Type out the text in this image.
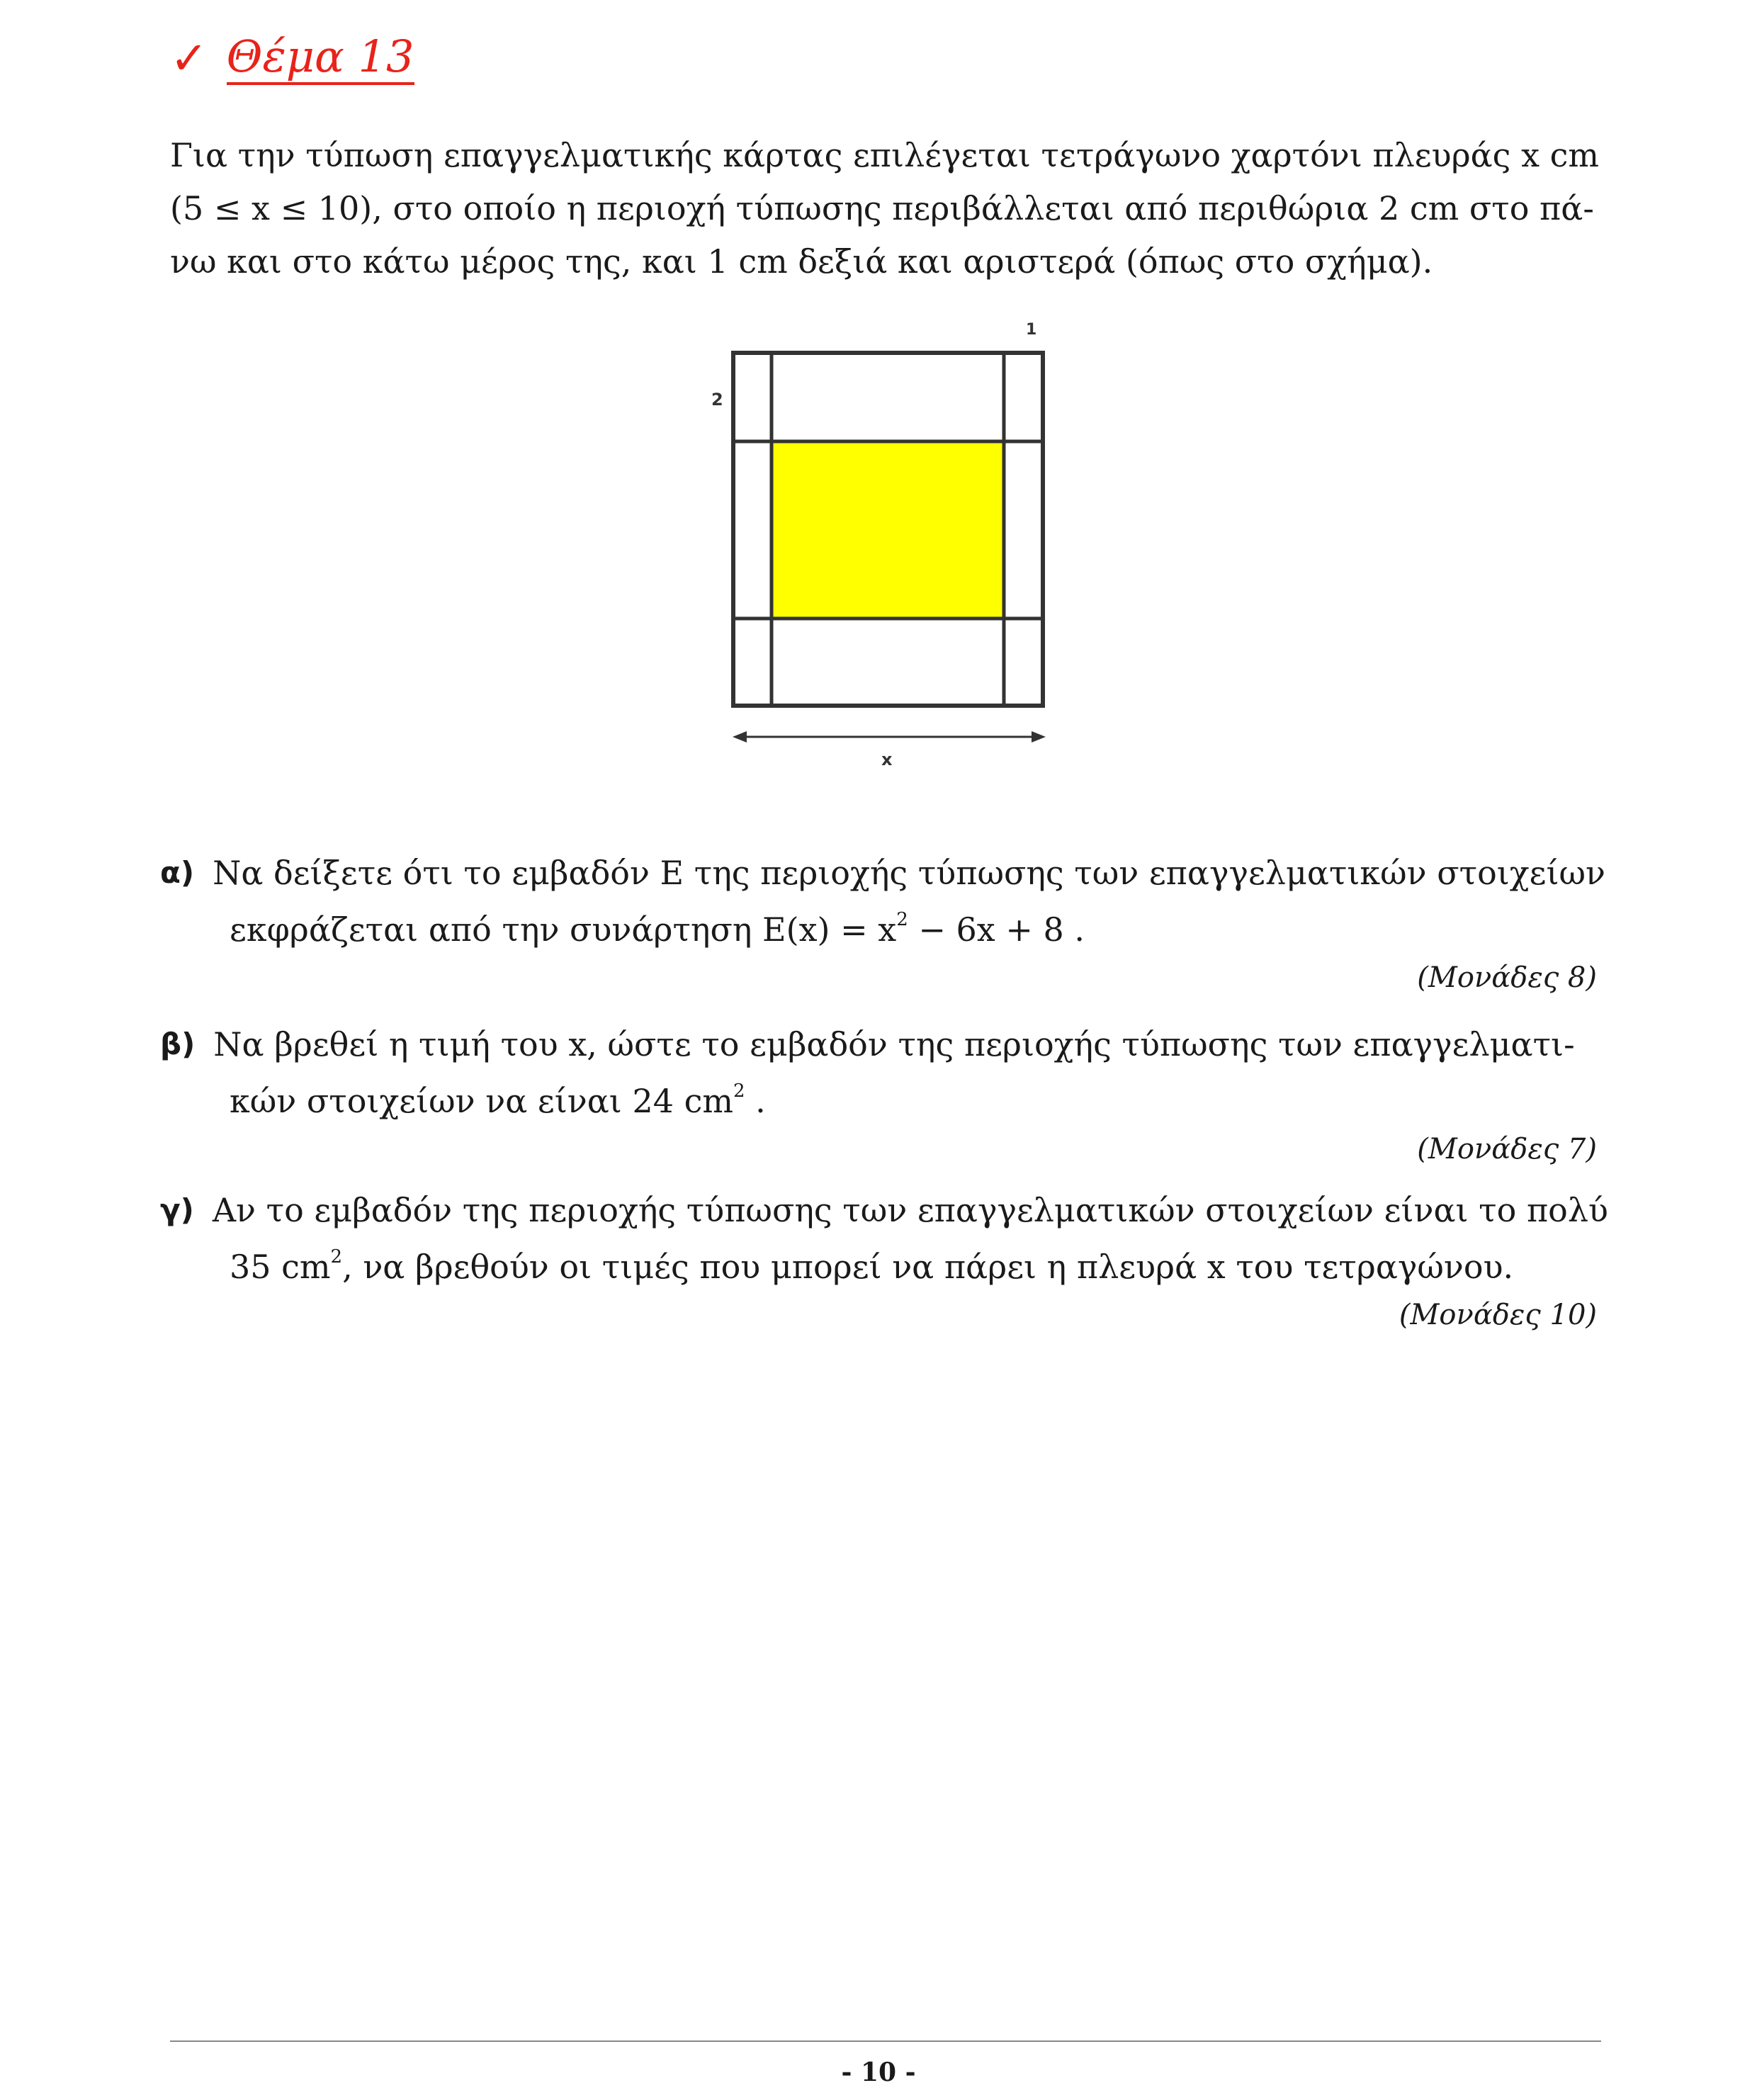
✓ Θέμα 13
Για την τύπωση επαγγελματικής κάρτας επιλέγεται τετράγωνο χαρτόνι πλευράς x cm
(5 ≤ x ≤ 10), στο οποίο η περιοχή τύπωσης περιβάλλεται από περιθώρια 2 cm στο πά-
νω και στο κάτω μέρος της, και 1 cm δεξιά και αριστερά (όπως στο σχήμα).
1
2
x
α) Να δείξετε ότι το εμβαδόν Ε της περιοχής τύπωσης των επαγγελματικών στοιχείων
εκφράζεται από την συνάρτηση $E(x) = x^2 - 6x + 8$ .
(Μονάδες 8)
β) Να βρεθεί η τιμή του x, ώστε το εμβαδόν της περιοχής τύπωσης των επαγγελματι-
κών στοιχείων να είναι 24 $cm^2$ .
(Μονάδες 7)
γ) Αν το εμβαδόν της περιοχής τύπωσης των επαγγελματικών στοιχείων είναι το πολύ
35 $cm^2$, να βρεθούν οι τιμές που μπορεί να πάρει η πλευρά x του τετραγώνου.
(Μονάδες 10)
- 10 -
